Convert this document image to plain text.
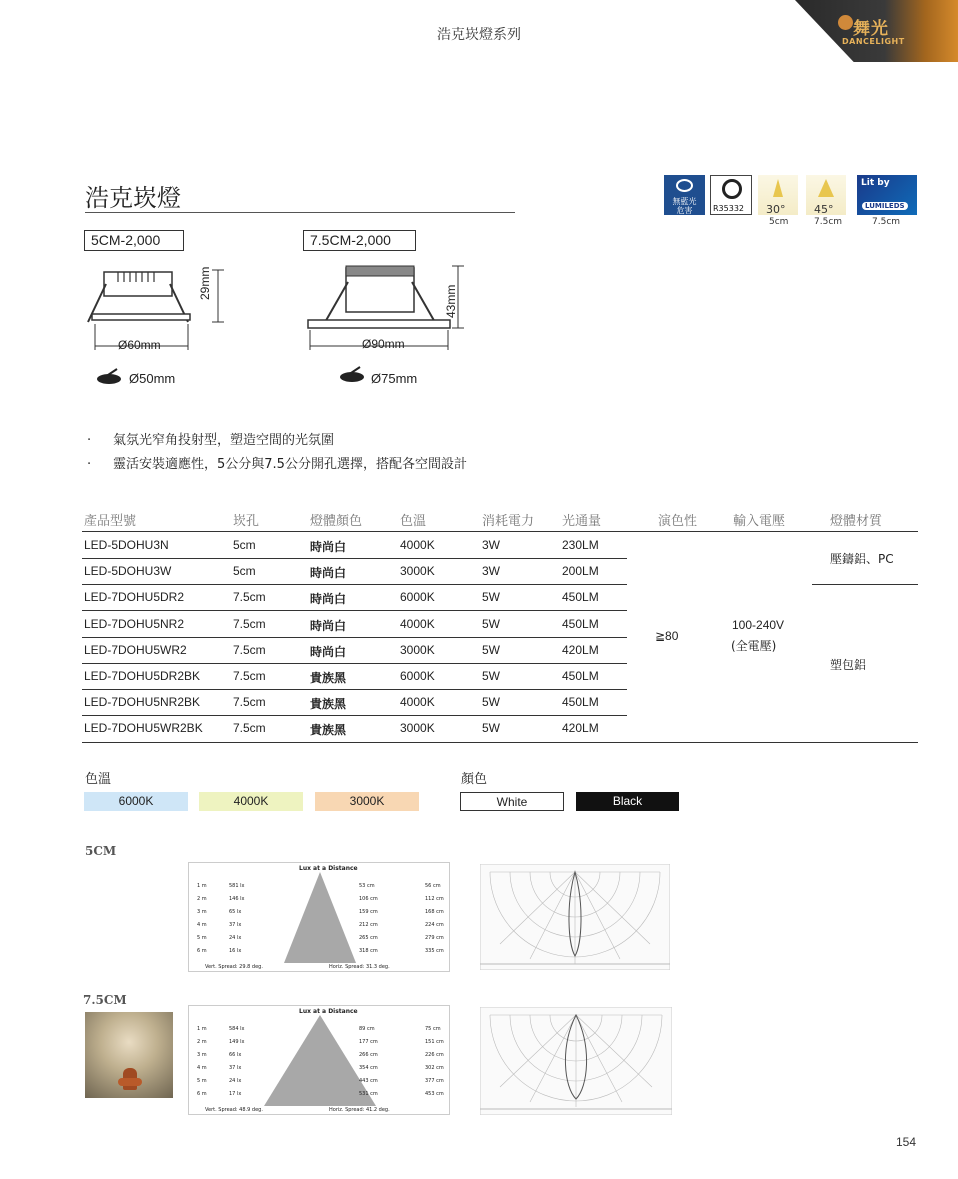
浩克崁燈系列	舞光
DANCELIGHT
浩克崁燈	無藍光
危害	R35332 30°	45°
Lit by
LUMILEDS
5cm	7.5cm	7.5cm
5CM-2,000	7.5CM-2,000
Ø60mm
29mm
Ø90mm
43mm
Ø50mm	Ø75mm
· 氣氛光窄角投射型，塑造空間的光氛圍
· 靈活安裝適應性，5公分與7.5公分開孔選擇，搭配各空間設計
產品型號	崁孔	燈體顏色	色溫	消耗電力 光通量	演色性	輸入電壓	燈體材質
LED-5DOHU3N	5cm	時尚白	4000K	3W	230LM
LED-5DOHU3W	5cm	時尚白	3000K	3W	200LM
LED-7DOHU5DR2	7.5cm	時尚白	6000K	5W	450LM
LED-7DOHU5NR2	7.5cm	時尚白	4000K	5W	450LM
LED-7DOHU5WR2	7.5cm	時尚白	3000K	5W	420LM
LED-7DOHU5DR2BK	7.5cm	貴族黑	6000K	5W	450LM
LED-7DOHU5NR2BK	7.5cm	貴族黑	4000K	5W	450LM
LED-7DOHU5WR2BK	7.5cm	貴族黑	3000K	5W	420LM
≧80
100-240V
(全電壓)
壓鑄鋁、PC
塑包鋁
色溫
6000K	4000K	3000K
顏色
White	Black
5CM
Lux at a Distance
1 m	581 lx	53 cm	56 cm
2 m	146 lx	106 cm	112 cm
3 m	65 lx	159 cm	168 cm
4 m	37 lx	212 cm	224 cm
5 m	24 lx	265 cm	279 cm
6 m	16 lx	318 cm	335 cm
Vert. Spread: 29.8 deg.	Horiz. Spread: 31.3 deg.
7.5CM
Lux at a Distance
1 m	584 lx	89 cm	75 cm
2 m	149 lx	177 cm	151 cm
3 m	66 lx	266 cm	226 cm
4 m	37 lx	354 cm	302 cm
5 m	24 lx	443 cm	377 cm
6 m	17 lx	531 cm	453 cm
Vert. Spread: 48.9 deg.	Horiz. Spread: 41.2 deg.
154
